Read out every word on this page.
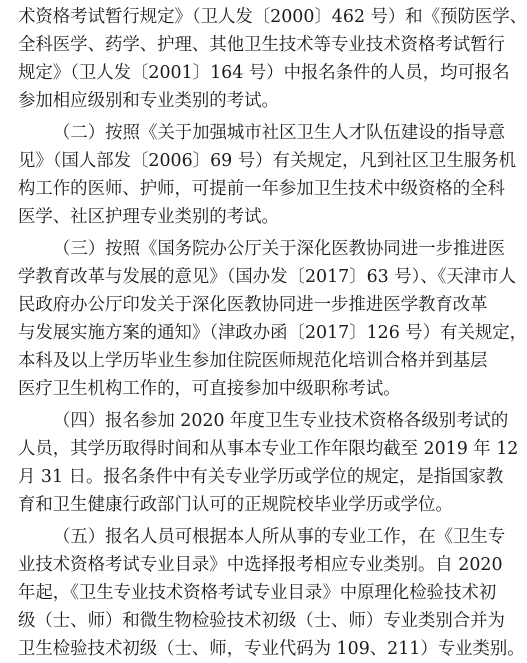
术资格考试暂行规定》（卫人发〔2000〕462 号）和《预防医学、
全科医学、药学、护理、其他卫生技术等专业技术资格考试暂行
规定》（卫人发〔2001〕164 号）中报名条件的人员，均可报名
参加相应级别和专业类别的考试。
（二）按照《关于加强城市社区卫生人才队伍建设的指导意
见》（国人部发〔2006〕69 号）有关规定，凡到社区卫生服务机
构工作的医师、护师，可提前一年参加卫生技术中级资格的全科
医学、社区护理专业类别的考试。
（三）按照《国务院办公厅关于深化医教协同进一步推进医
学教育改革与发展的意见》（国办发〔2017〕63 号）、《天津市人
民政府办公厅印发关于深化医教协同进一步推进医学教育改革
与发展实施方案的通知》（津政办函〔2017〕126 号）有关规定，
本科及以上学历毕业生参加住院医师规范化培训合格并到基层
医疗卫生机构工作的，可直接参加中级职称考试。
（四）报名参加 2020 年度卫生专业技术资格各级别考试的
人员，其学历取得时间和从事本专业工作年限均截至 2019 年 12
月 31 日。报名条件中有关专业学历或学位的规定，是指国家教
育和卫生健康行政部门认可的正规院校毕业学历或学位。
（五）报名人员可根据本人所从事的专业工作，在《卫生专
业技术资格考试专业目录》中选择报考相应专业类别。自 2020
年起，《卫生专业技术资格考试专业目录》中原理化检验技术初
级（士、师）和微生物检验技术初级（士、师）专业类别合并为
卫生检验技术初级（士、师，专业代码为 109、211）专业类别。
